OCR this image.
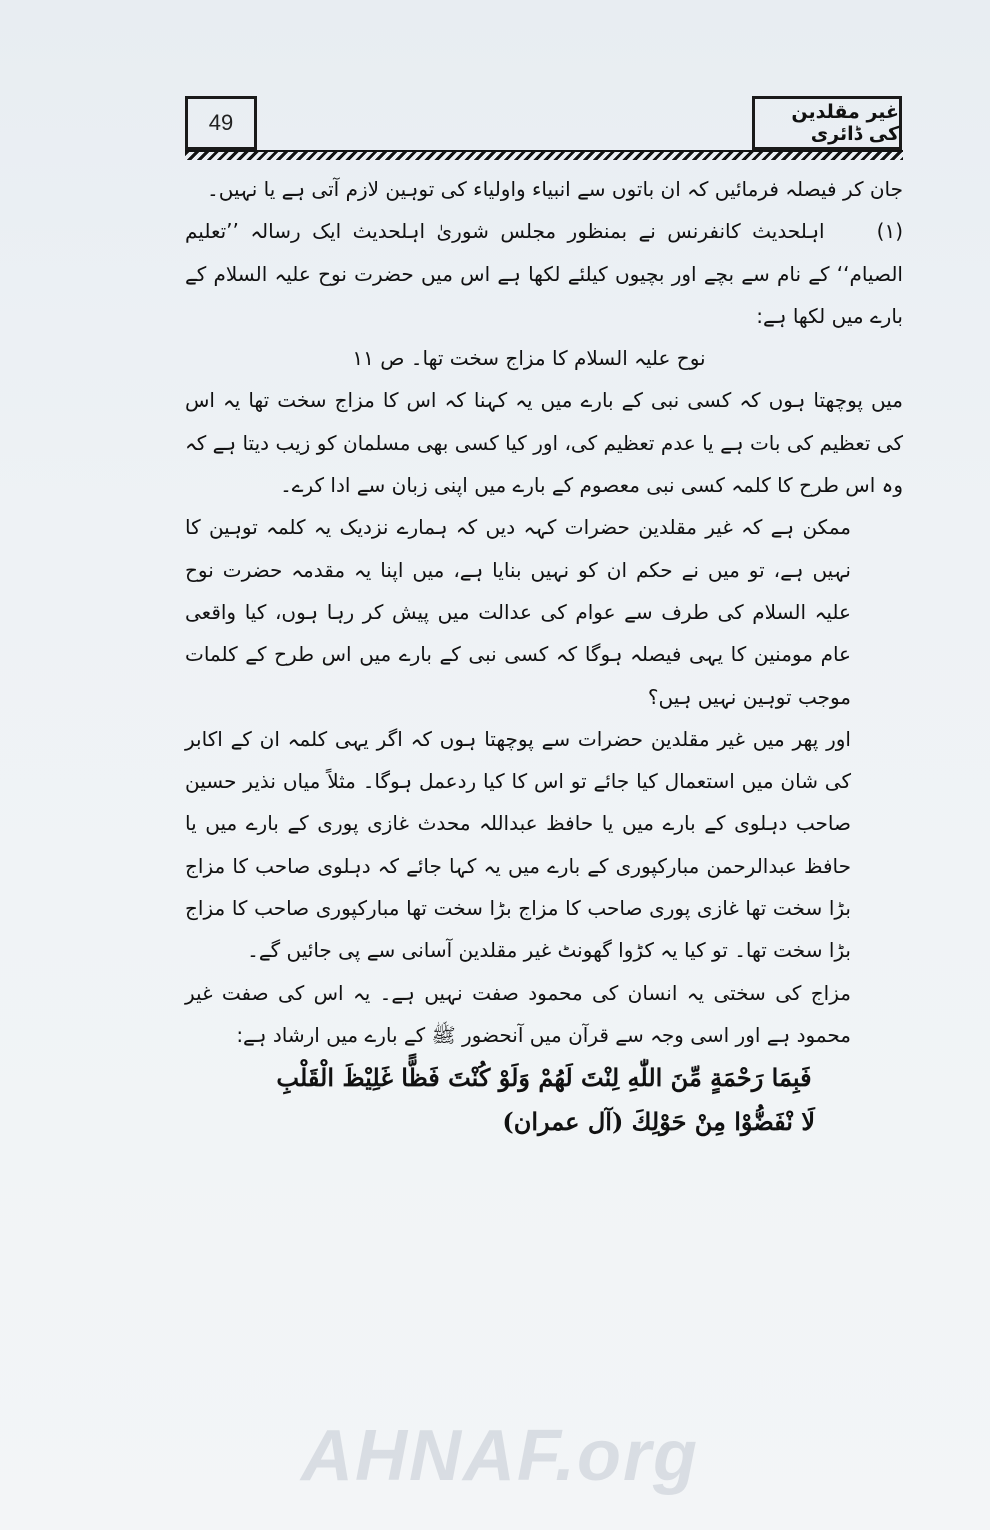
49	غیر مقلدین کی ڈائری

جان کر فیصلہ فرمائیں کہ ان باتوں سے انبیاء واولیاء کی توہین لازم آتی ہے یا نہیں۔

(۱)اہلحدیث کانفرنس نے بمنظور مجلس شوریٰ اہلحدیث ایک رسالہ ’’تعلیم الصیام‘‘ کے نام سے بچے اور بچیوں کیلئے لکھا ہے اس میں حضرت نوح علیہ السلام کے بارے میں لکھا ہے:

نوح علیہ السلام کا مزاج سخت تھا۔ ص ۱۱

میں پوچھتا ہوں کہ کسی نبی کے بارے میں یہ کہنا کہ اس کا مزاج سخت تھا یہ اس کی تعظیم کی بات ہے یا عدم تعظیم کی، اور کیا کسی بھی مسلمان کو زیب دیتا ہے کہ وہ اس طرح کا کلمہ کسی نبی معصوم کے بارے میں اپنی زبان سے ادا کرے۔

ممکن ہے کہ غیر مقلدین حضرات کہہ دیں کہ ہمارے نزدیک یہ کلمہ توہین کا نہیں ہے، تو میں نے حکم ان کو نہیں بنایا ہے، میں اپنا یہ مقدمہ حضرت نوح علیہ السلام کی طرف سے عوام کی عدالت میں پیش کر رہا ہوں، کیا واقعی عام مومنین کا یہی فیصلہ ہوگا کہ کسی نبی کے بارے میں اس طرح کے کلمات موجب توہین نہیں ہیں؟

اور پھر میں غیر مقلدین حضرات سے پوچھتا ہوں کہ اگر یہی کلمہ ان کے اکابر کی شان میں استعمال کیا جائے تو اس کا کیا ردعمل ہوگا۔ مثلاً میاں نذیر حسین صاحب دہلوی کے بارے میں یا حافظ عبداللہ محدث غازی پوری کے بارے میں یا حافظ عبدالرحمن مبارکپوری کے بارے میں یہ کہا جائے کہ دہلوی صاحب کا مزاج بڑا سخت تھا غازی پوری صاحب کا مزاج بڑا سخت تھا مبارکپوری صاحب کا مزاج بڑا سخت تھا۔ تو کیا یہ کڑوا گھونٹ غیر مقلدین آسانی سے پی جائیں گے۔

مزاج کی سختی یہ انسان کی محمود صفت نہیں ہے۔ یہ اس کی صفت غیر محمود ہے اور اسی وجہ سے قرآن میں آنحضور ﷺ کے بارے میں ارشاد ہے:

فَبِمَا رَحْمَةٍ مِّنَ اللّٰهِ لِنْتَ لَهُمْ وَلَوْ كُنْتَ فَظًّا غَلِيْظَ الْقَلْبِ

لَا نْفَضُّوْا مِنْ حَوْلِكَ (آل عمران)

AHNAF.org
